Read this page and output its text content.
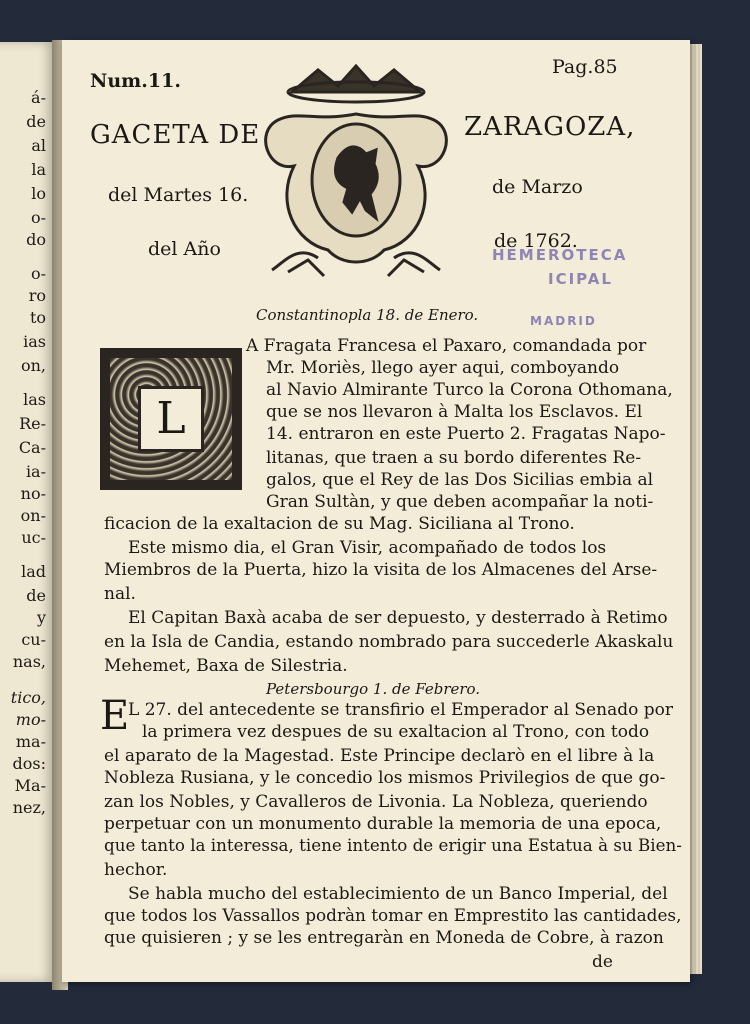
á-
de
al
la
lo
o-
do
o-
ro
to
ias
on,
las
Re-
Ca-
ia-
no-
on-
uc-
lad
de
y
cu-
nas,
tico,
mo-
ma-
dos:
Ma-
nez,
Num.11.
Pag.85
GACETA DE	ZARAGOZA,
del Martes 16.	de Marzo
del Año	de 1762.
HEMEROTECA
ICIPAL
MADRID
Constantinopla 18. de Enero.
L
A Fragata Francesa el Paxaro, comandada por
Mr. Moriès, llego ayer aqui, comboyando
al Navio Almirante Turco la Corona Othomana,
que se nos llevaron à Malta los Esclavos. El
14. entraron en este Puerto 2. Fragatas Napo-
litanas, que traen a su bordo diferentes Re-
galos, que el Rey de las Dos Sicilias embia al
Gran Sultàn, y que deben acompañar la noti-
ficacion de la exaltacion de su Mag. Siciliana al Trono.
Este mismo dia, el Gran Visir, acompañado de todos los
Miembros de la Puerta, hizo la visita de los Almacenes del Arse-
nal.
El Capitan Baxà acaba de ser depuesto, y desterrado à Retimo
en la Isla de Candia, estando nombrado para succederle Akaskalu
Mehemet, Baxa de Silestria.
Petersbourgo 1. de Febrero.
E
L 27. del antecedente se transfirio el Emperador al Senado por
la primera vez despues de su exaltacion al Trono, con todo
el aparato de la Magestad. Este Principe declarò en el libre à la
Nobleza Rusiana, y le concedio los mismos Privilegios de que go-
zan los Nobles, y Cavalleros de Livonia. La Nobleza, queriendo
perpetuar con un monumento durable la memoria de una epoca,
que tanto la interessa, tiene intento de erigir una Estatua à su Bien-
hechor.
Se habla mucho del establecimiento de un Banco Imperial, del
que todos los Vassallos podràn tomar en Emprestito las cantidades,
que quisieren ; y se les entregaràn en Moneda de Cobre, à razon
de
